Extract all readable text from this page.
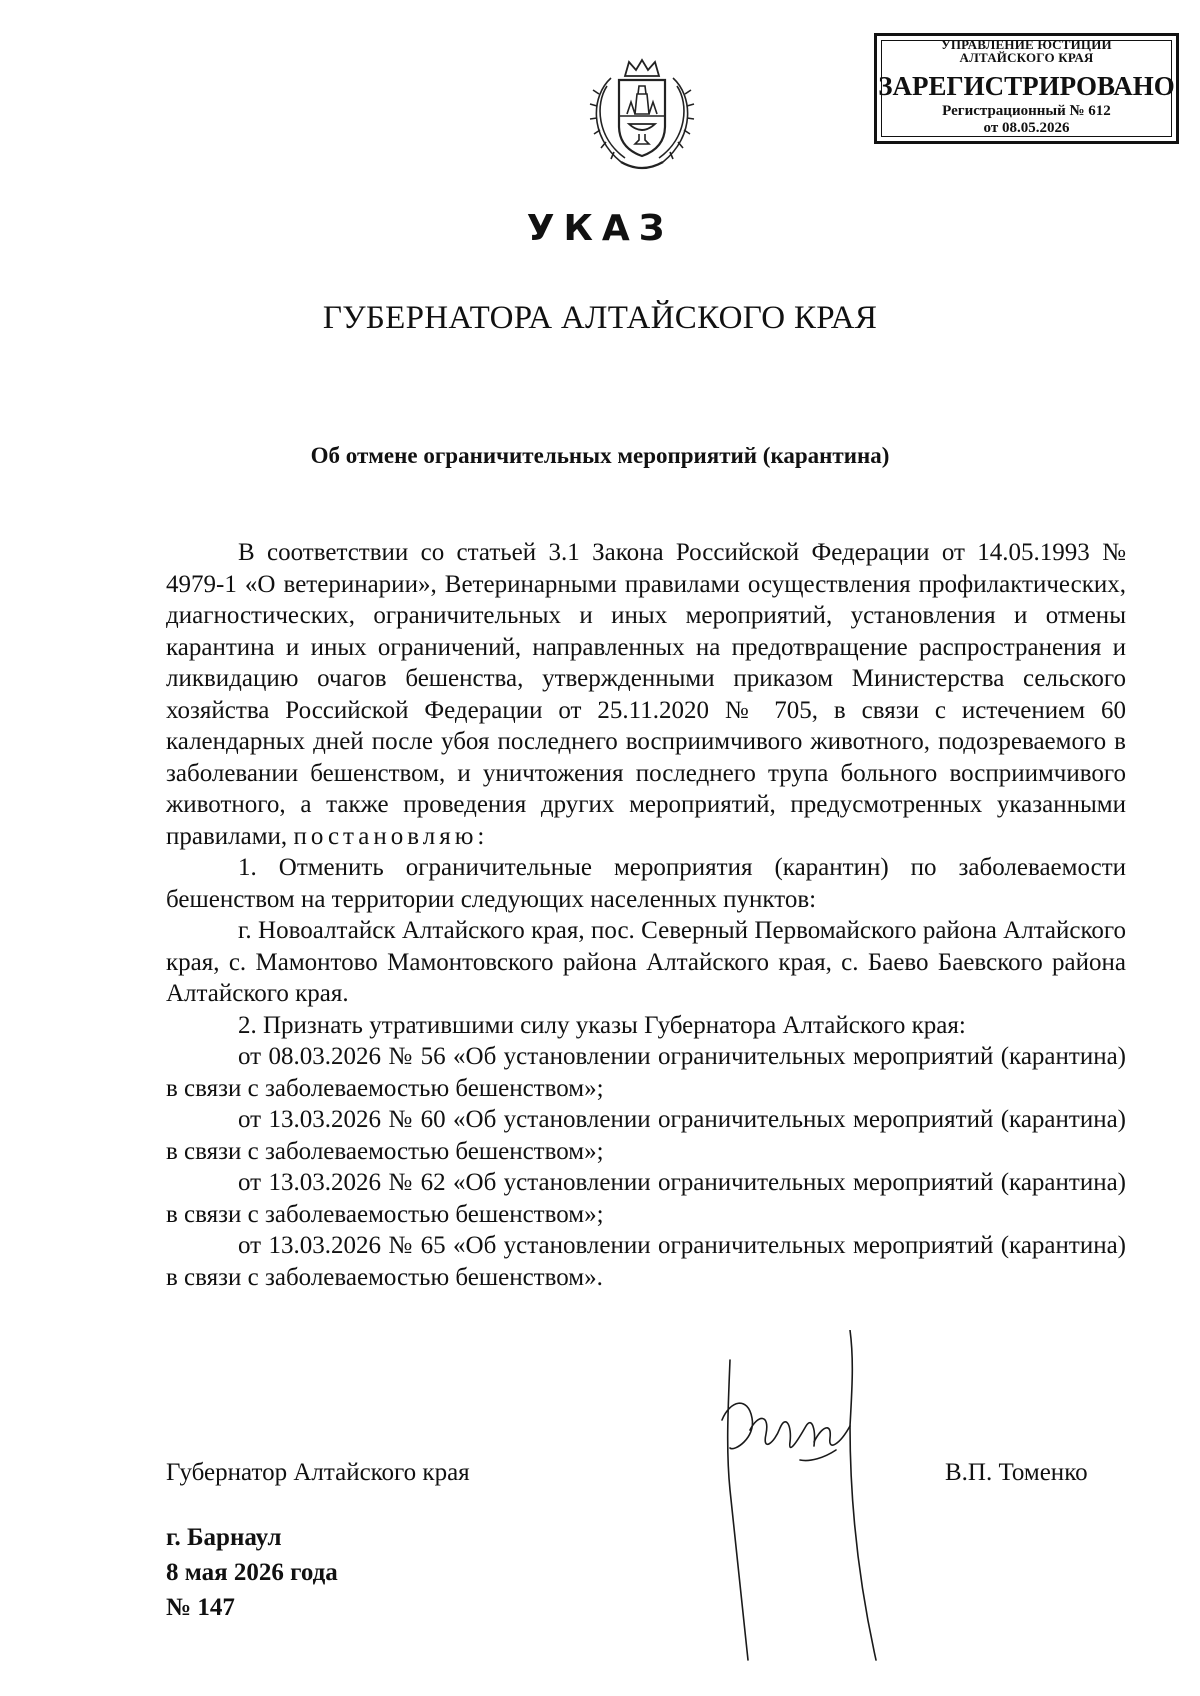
УПРАВЛЕНИЕ ЮСТИЦИИ
АЛТАЙСКОГО КРАЯ
ЗАРЕГИСТРИРОВАНО
Регистрационный № 612
от 08.05.2026
УКАЗ
ГУБЕРНАТОРА АЛТАЙСКОГО КРАЯ
Об отмене ограничительных мероприятий (карантина)

В соответствии со статьей 3.1 Закона Российской Федерации от 14.05.1993 № 4979-1 «О ветеринарии», Ветеринарными правилами осуществления профилактических, диагностических, ограничительных и иных мероприятий, установления и отмены карантина и иных ограничений, направленных на предотвращение распространения и ликвидацию очагов бешенства, утвержденными приказом Министерства сельского хозяйства Российской Федерации от 25.11.2020 № 705, в связи с истечением 60 календарных дней после убоя последнего восприимчивого животного, подозреваемого в заболевании бешенством, и уничтожения последнего трупа больного восприимчивого животного, а также проведения других мероприятий, предусмотренных указанными правилами, постановляю:

1. Отменить ограничительные мероприятия (карантин) по заболеваемости бешенством на территории следующих населенных пунктов:

г. Новоалтайск Алтайского края, пос. Северный Первомайского района Алтайского края, с. Мамонтово Мамонтовского района Алтайского края, с. Баево Баевского района Алтайского края.

2. Признать утратившими силу указы Губернатора Алтайского края:

от 08.03.2026 № 56 «Об установлении ограничительных мероприятий (карантина) в связи с заболеваемостью бешенством»;

от 13.03.2026 № 60 «Об установлении ограничительных мероприятий (карантина) в связи с заболеваемостью бешенством»;

от 13.03.2026 № 62 «Об установлении ограничительных мероприятий (карантина) в связи с заболеваемостью бешенством»;

от 13.03.2026 № 65 «Об установлении ограничительных мероприятий (карантина) в связи с заболеваемостью бешенством».

Губернатор Алтайского края	В.П. Томенко
г. Барнаул
8 мая 2026 года
№ 147
